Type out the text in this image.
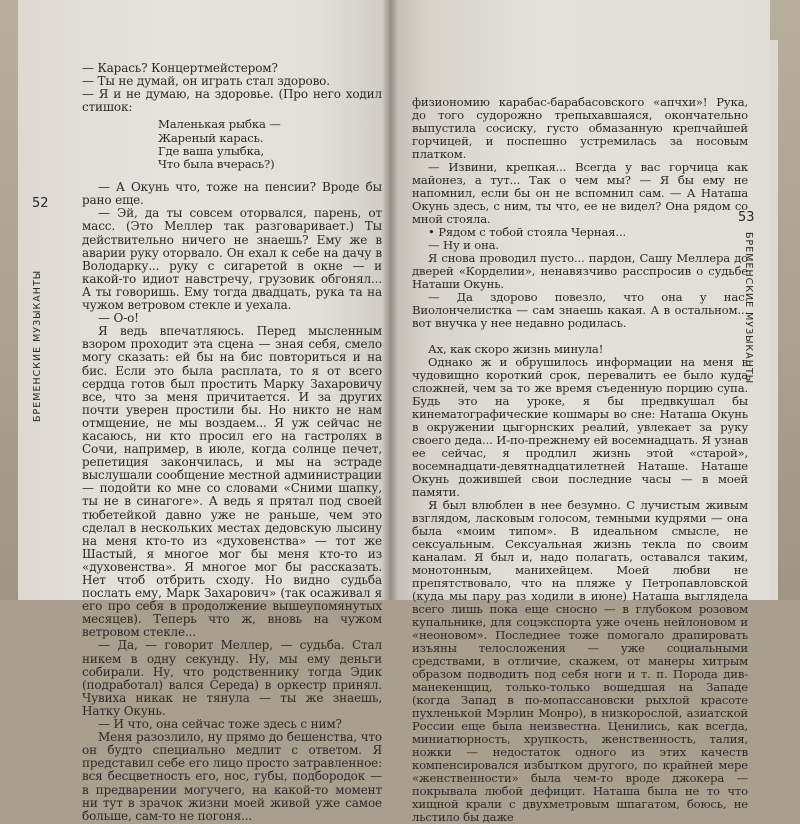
52
БРЕМЕНСКИЕ МУЗЫКАНТЫ

— Карась? Концертмейстером?

— Ты не думай, он играть стал здорово.

— Я и не думаю, на здоровье. (Про него ходил стишок:

Маленькая рыбка —
Жареный карась.
Где ваша улыбка,
Что была вчерась?)

— А Окунь что, тоже на пенсии? Вроде бы рано еще.

— Эй, да ты совсем оторвался, парень, от масс. (Это Меллер так разговаривает.) Ты действительно ничего не знаешь? Ему же в аварии руку оторвало. Он ехал к себе на дачу в Володарку... руку с сигаретой в окне — и какой-то идиот навстречу, грузовик обгонял... А ты говоришь. Ему тогда двадцать, рука та на чужом ветровом стекле и уехала.

— О-о!

Я ведь впечатляюсь. Перед мысленным взором проходит эта сцена — зная себя, смело могу сказать: ей бы на бис повториться и на бис. Если это была расплата, то я от всего сердца готов был простить Марку Захаровичу все, что за меня причитается. И за других почти уверен простили бы. Но никто не нам отмщение, не мы воздаем... Я уж сейчас не касаюсь, ни кто просил его на гастролях в Сочи, например, в июле, когда солнце печет, репетиция закончилась, и мы на эстраде выслушали сообщение местной администрации — подойти ко мне со словами «Сними шапку, ты не в синагоге». А ведь я прятал под своей тюбетейкой давно уже не раньше, чем это сделал в нескольких местах дедовскую лысину на меня кто-то из «духовенства» — тот же Шастый, я многое мог бы меня кто-то из «духовенства». Я многое мог бы рассказать. Нет чтоб отбрить сходу. Но видно судьба послать ему, Марк Захарович» (так осаживал я его про себя в продолжение вышеупомянутых месяцев). Теперь что ж, вновь на чужом ветровом стекле...

— Да, — говорит Меллер, — судьба. Стал никем в одну секунду. Ну, мы ему деньги собирали. Ну, что родственнику тогда Эдик (подработал) вался Середа) в оркестр принял. Чувиха никак не тянула — ты же знаешь, Натку Окунь.

— И что, она сейчас тоже здесь с ним?

Меня разозлило, ну прямо до бешенства, что он будто специально медлит с ответом. Я представил себе его лицо просто затравленное: вся бесцветность его, нос, губы, подбородок — в предварении могучего, на какой-то момент ни тут в зрачок жизни моей живой уже самое больше, сам-то не погоня...

53
БРЕМЕНСКИЕ МУЗЫКАНТЫ

физиономию карабас-барабасовского «апчхи»! Рука, до того судорожно трепыхавшаяся, окончательно выпустила сосиску, густо обмазанную крепчайшей горчицей, и поспешно устремилась за носовым платком.

— Извини, крепкая... Всегда у вас горчица как майонез, а тут... Так о чем мы? — Я бы ему не напомнил, если бы он не вспомнил сам. — А Наташа Окунь здесь, с ним, ты что, ее не видел? Она рядом со мной стояла.

• Рядом с тобой стояла Черная...

— Ну и она.

Я снова проводил пусто... пардон, Сашу Меллера до дверей «Корделии», ненавязчиво расспросив о судьбе Наташи Окунь.

— Да здорово повезло, что она у нас. Виолончелистка — сам знаешь какая. А в остальном... вот внучка у нее недавно родилась.

Ах, как скоро жизнь минула!

Однако ж и обрушилось информации на меня в чудовищно короткий срок, перевалить ее было куда сложней, чем за то же время съеденную порцию супа. Будь это на уроке, я бы предвкушал бы кинематографические кошмары во сне: Наташа Окунь в окружении цыгорнских реалий, увлекает за руку своего деда... И-по-прежнему ей восемнадцать. Я узнав ее сейчас, я продлил жизнь этой «старой», восемнадцати-девятнадцатилетней Наташе. Наташе Окунь дожившей свои последние часы — в моей памяти.

Я был влюблен в нее безумно. С лучистым живым взглядом, ласковым голосом, темными кудрями — она была «моим типом». В идеальном смысле, не сексуальным. Сексуальная жизнь текла по своим каналам. Я был и, надо полагать, оставался таким, монотонным, манихейцем. Моей любви не препятствовало, что на пляже у Петропавловской (куда мы пару раз ходили в июне) Наташа выглядела всего лишь пока еще сносно — в глубоком розовом купальнике, для соцэкспорта уже очень нейлоновом и «неоновом». Последнее тоже помогало драпировать изъяны телосложения — уже социальными средствами, в отличие, скажем, от манеры хитрым образом подводить под себя ноги и т. п. Порода див-манекенщиц, только-только вошедшая на Западе (когда Запад в по-мопассановски рыхлой красоте пухленькой Мэрлин Монро), в низкорослой, азиатской России еще была неизвестна. Ценились, как всегда, миниатюрность, хрупкость, женственность, талия, ножки — недостаток одного из этих качеств компенсировался избытком другого, по крайней мере «женственности» была чем-то вроде джокера — покрывала любой дефицит. Наташа была не то что хищной крали с двухметровым шпагатом, боюсь, не льстило бы даже
